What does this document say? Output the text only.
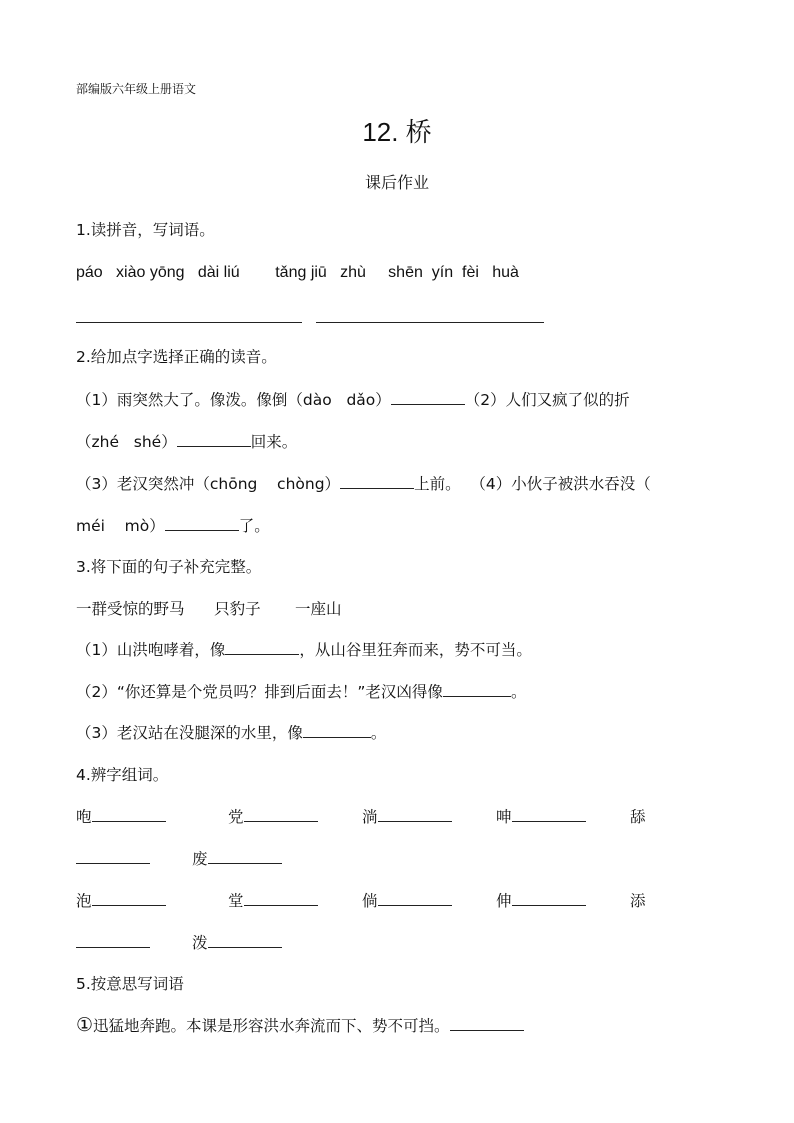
部编版六年级上册语文
12. 桥
课后作业
1.读拼音，写词语。
páo   xiào yōng   dài liú        tǎng jiū   zhù     shēn  yín  fèi   huà
2.给加点字选择正确的读音。
（1）雨突然大了。像泼。像倒（dào   dǎo）	（2）人们又疯了似的折
（zhé   shé）	回来。
（3）老汉突然冲（chōng    chòng）	上前。  （4）小伙子被洪水吞没（
méi    mò）	了。
3.将下面的句子补充完整。
一群受惊的野马      只豹子       一座山
（1）山洪咆哮着，像	，从山谷里狂奔而来，势不可当。
（2）“你还算是个党员吗？排到后面去！”老汉凶得像	。
（3）老汉站在没腿深的水里，像	。
4.辨字组词。
咆	党	淌	呻	舔
废
泡	堂	倘	伸	添
泼
5.按意思写词语
①迅猛地奔跑。本课是形容洪水奔流而下、势不可挡。
